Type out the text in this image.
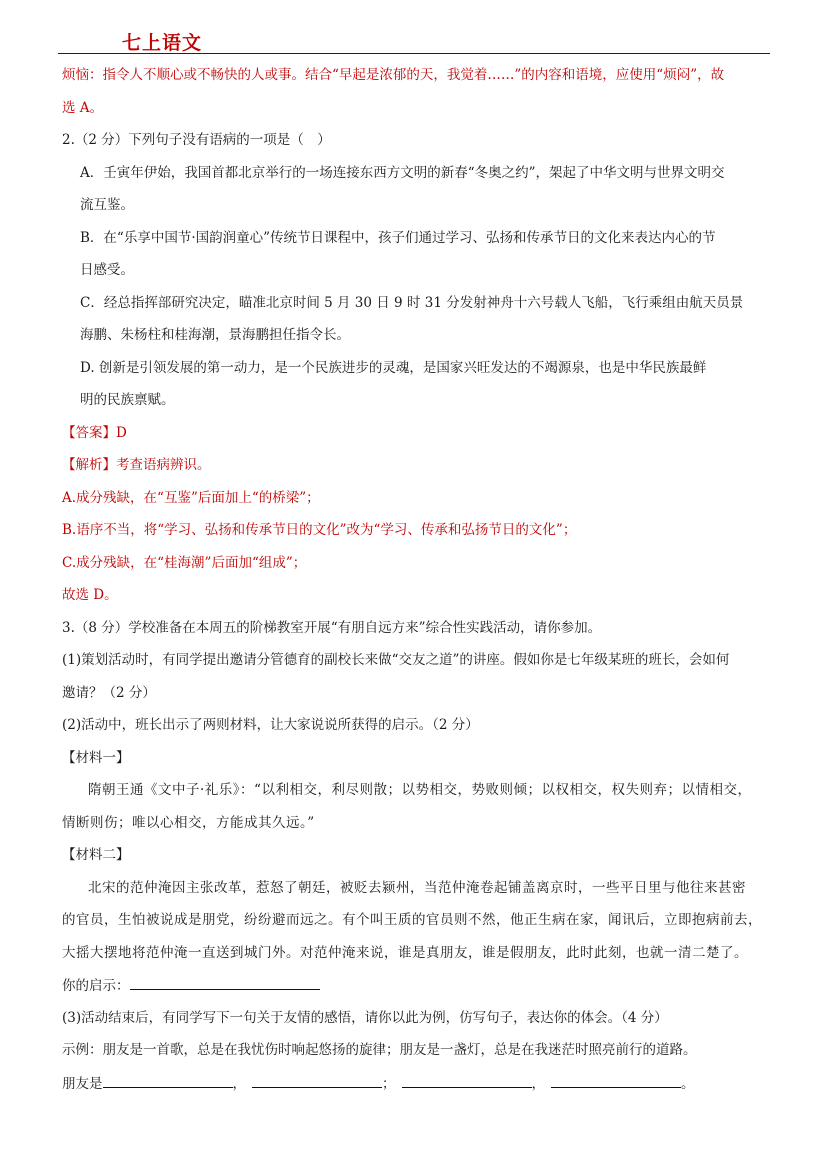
七上语文
烦恼：指令人不顺心或不畅快的人或事。结合“早起是浓郁的天，我觉着……”的内容和语境，应使用“烦闷”，故
选 A。
2.（2 分）下列句子没有语病的一项是（　）
A．壬寅年伊始，我国首都北京举行的一场连接东西方文明的新春“冬奥之约”，架起了中华文明与世界文明交
流互鉴。
B．在“乐享中国节·国韵润童心”传统节日课程中，孩子们通过学习、弘扬和传承节日的文化来表达内心的节
日感受。
C．经总指挥部研究决定，瞄准北京时间 5 月 30 日 9 时 31 分发射神舟十六号载人飞船，飞行乘组由航天员景
海鹏、朱杨柱和桂海潮，景海鹏担任指令长。
D. 创新是引领发展的第一动力，是一个民族进步的灵魂，是国家兴旺发达的不竭源泉，也是中华民族最鲜
明的民族禀赋。
【答案】D
【解析】考查语病辨识。
A.成分残缺，在“互鉴”后面加上“的桥梁”；
B.语序不当，将“学习、弘扬和传承节日的文化”改为“学习、传承和弘扬节日的文化”；
C.成分残缺，在“桂海潮”后面加“组成”；
故选 D。
3.（8 分）学校准备在本周五的阶梯教室开展“有朋自远方来”综合性实践活动，请你参加。
(1)策划活动时，有同学提出邀请分管德育的副校长来做“交友之道”的讲座。假如你是七年级某班的班长，会如何
邀请？（2 分）
(2)活动中，班长出示了两则材料，让大家说说所获得的启示。（2 分）
【材料一】
隋朝王通《文中子·礼乐》：“以利相交，利尽则散；以势相交，势败则倾；以权相交，权失则弃；以情相交，
情断则伤；唯以心相交，方能成其久远。”
【材料二】
北宋的范仲淹因主张改革，惹怒了朝廷，被贬去颍州，当范仲淹卷起铺盖离京时，一些平日里与他往来甚密
的官员，生怕被说成是朋党，纷纷避而远之。有个叫王质的官员则不然，他正生病在家，闻讯后，立即抱病前去，
大摇大摆地将范仲淹一直送到城门外。对范仲淹来说，谁是真朋友，谁是假朋友，此时此刻，也就一清二楚了。
你的启示：
(3)活动结束后，有同学写下一句关于友情的感悟，请你以此为例，仿写句子，表达你的体会。（4 分）
示例：朋友是一首歌，总是在我忧伤时响起悠扬的旋律；朋友是一盏灯，总是在我迷茫时照亮前行的道路。
朋友是	，	；	，	。
